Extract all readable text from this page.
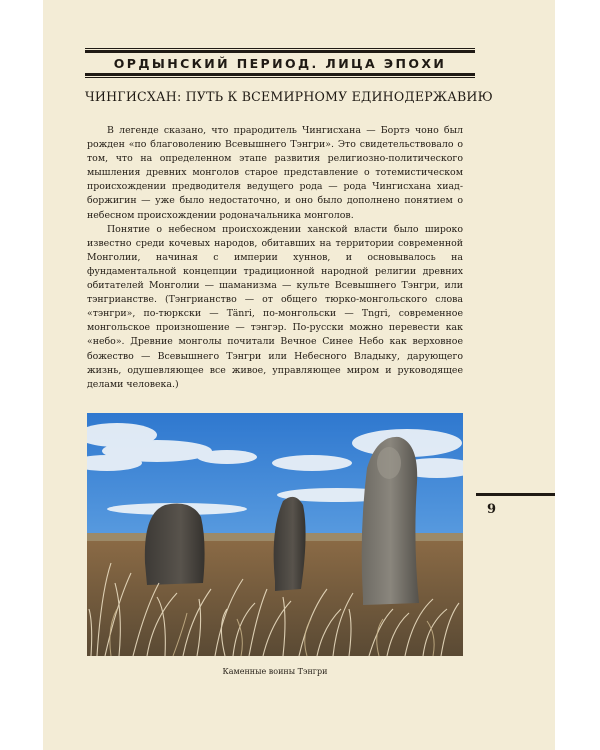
ОРДЫНСКИЙ ПЕРИОД. ЛИЦА ЭПОХИ
ЧИНГИСХАН: ПУТЬ К ВСЕМИРНОМУ ЕДИНОДЕРЖАВИЮ

В легенде сказано, что прародитель Чингисхана — Бортэ чоно был рожден «по благоволению Всевышнего Тэнгри». Это свидетельствовало о том, что на определенном этапе развития религиозно-политического мышления древних монголов старое представление о тотемистическом происхождении предводителя ведущего рода — рода Чингисхана хиад-боржигин — уже было недостаточно, и оно было дополнено понятием о небесном происхождении родоначальника монголов.

Понятие о небесном происхождении ханской власти было широко известно среди кочевых народов, обитавших на территории современной Монголии, начиная с империи хуннов, и основывалось на фундаментальной концепции традиционной народной религии древних обитателей Монголии — шаманизма — культе Всевышнего Тэнгри, или тэнгрианстве. (Тэнгрианство — от общего тюрко-монгольского слова «тэнгри», по-тюркски — Tänri, по-монгольски — Tngri, современное монгольское произношение — тэнгэр. По-русски можно перевести как «небо». Древние монголы почитали Вечное Синее Небо как верховное божество — Всевышнего Тэнгри или Небесного Владыку, дарующего жизнь, одушевляющее все живое, управляющее миром и руководящее делами человека.)

Каменные воины Тэнгри
9
